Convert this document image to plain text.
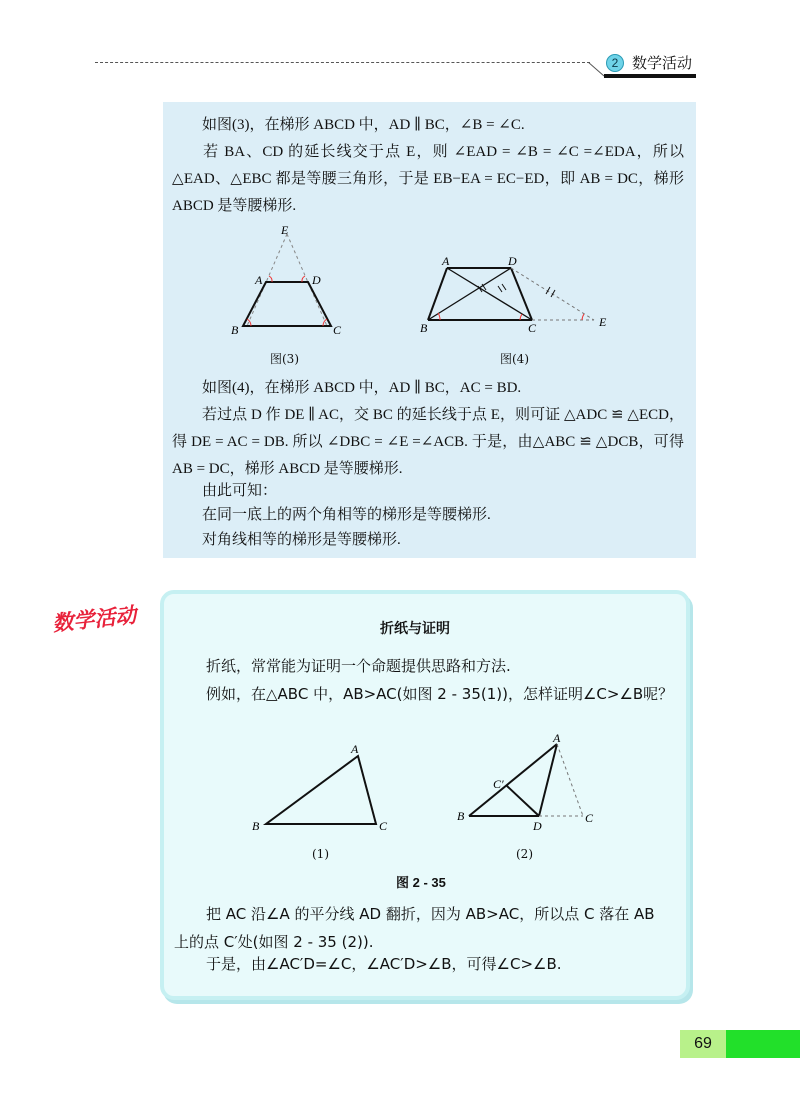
2 数学活动
如图(3)，在梯形 ABCD 中，AD ∥ BC，∠B = ∠C.
若 BA、CD 的延长线交于点 E，则 ∠EAD = ∠B = ∠C =∠EDA，所以△EAD、△EBC 都是等腰三角形，于是 EB−EA = EC−ED，即 AB = DC，梯形 ABCD 是等腰梯形.
E
A	D
B	C
图(3)
A	D
B	C	E
图(4)
如图(4)，在梯形 ABCD 中，AD ∥ BC，AC = BD.
若过点 D 作 DE ∥ AC，交 BC 的延长线于点 E，则可证 △ADC ≌ △ECD，得 DE = AC = DB. 所以 ∠DBC = ∠E =∠ACB. 于是，由△ABC ≌ △DCB，可得 AB = DC，梯形 ABCD 是等腰梯形.
由此可知：
在同一底上的两个角相等的梯形是等腰梯形.
对角线相等的梯形是等腰梯形.
数学活动	折纸与证明
折纸，常常能为证明一个命题提供思路和方法.
例如，在△ABC 中，AB>AC(如图 2 - 35(1))，怎样证明∠C>∠B呢？
A
B	C
(1)
A
C′
B
D
C
(2)
图 2 - 35
把 AC 沿∠A 的平分线 AD 翻折，因为 AB>AC，所以点 C 落在 AB 上的点 C′处(如图 2 - 35 (2)).
于是，由∠AC′D=∠C，∠AC′D>∠B，可得∠C>∠B.
69
